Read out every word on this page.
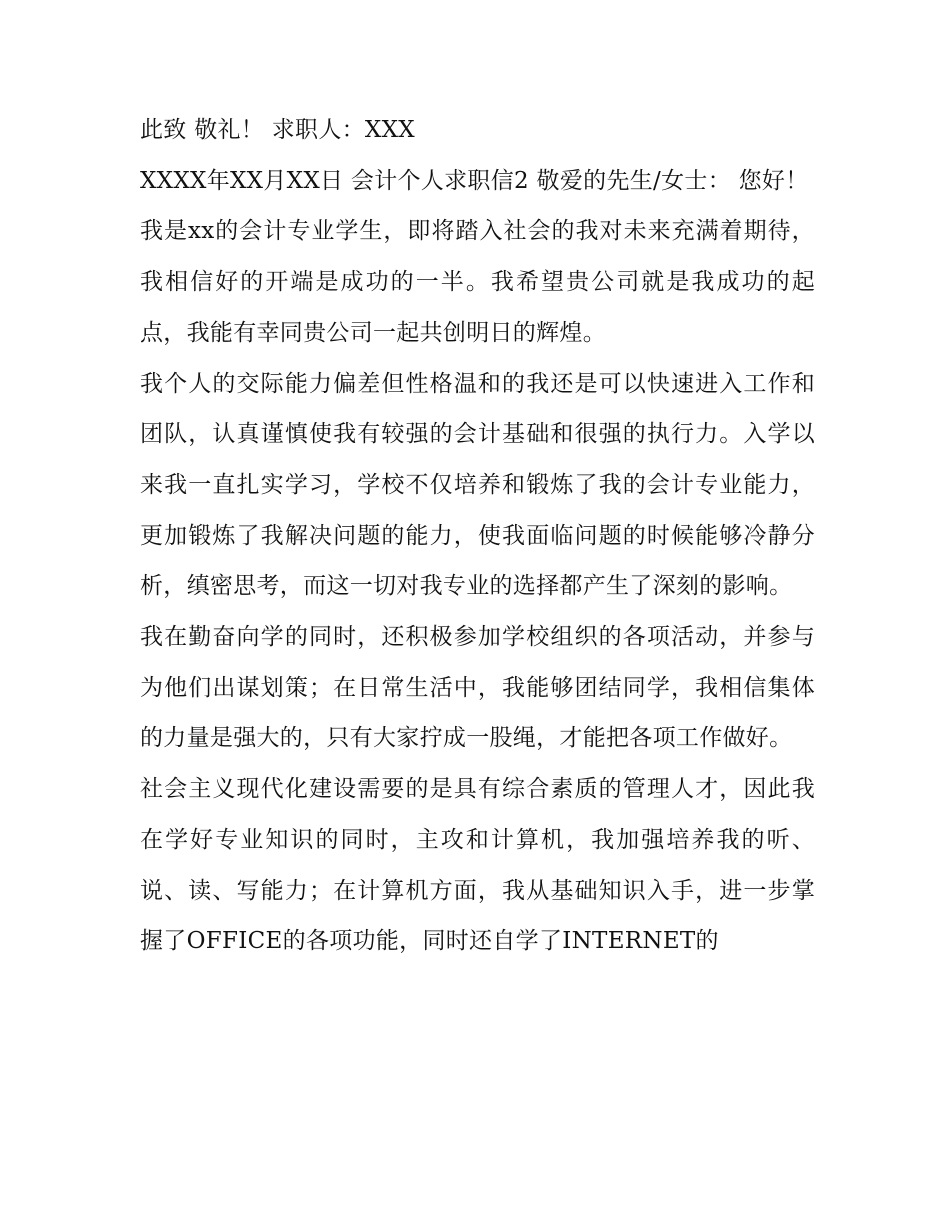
此致 敬礼！ 求职人：XXX

XXXX年XX月XX日 会计个人求职信2 敬爱的先生/女士： 您好！

我是xx的会计专业学生，即将踏入社会的我对未来充满着期待，我相信好的开端是成功的一半。我希望贵公司就是我成功的起点，我能有幸同贵公司一起共创明日的辉煌。

我个人的交际能力偏差但性格温和的我还是可以快速进入工作和团队，认真谨慎使我有较强的会计基础和很强的执行力。入学以来我一直扎实学习，学校不仅培养和锻炼了我的会计专业能力，更加锻炼了我解决问题的能力，使我面临问题的时候能够冷静分析，缜密思考，而这一切对我专业的选择都产生了深刻的影响。

我在勤奋向学的同时，还积极参加学校组织的各项活动，并参与为他们出谋划策；在日常生活中，我能够团结同学，我相信集体的力量是强大的，只有大家拧成一股绳，才能把各项工作做好。

社会主义现代化建设需要的是具有综合素质的管理人才，因此我在学好专业知识的同时，主攻和计算机，我加强培养我的听、说、读、写能力；在计算机方面，我从基础知识入手，进一步掌握了OFFICE的各项功能，同时还自学了INTERNET的
